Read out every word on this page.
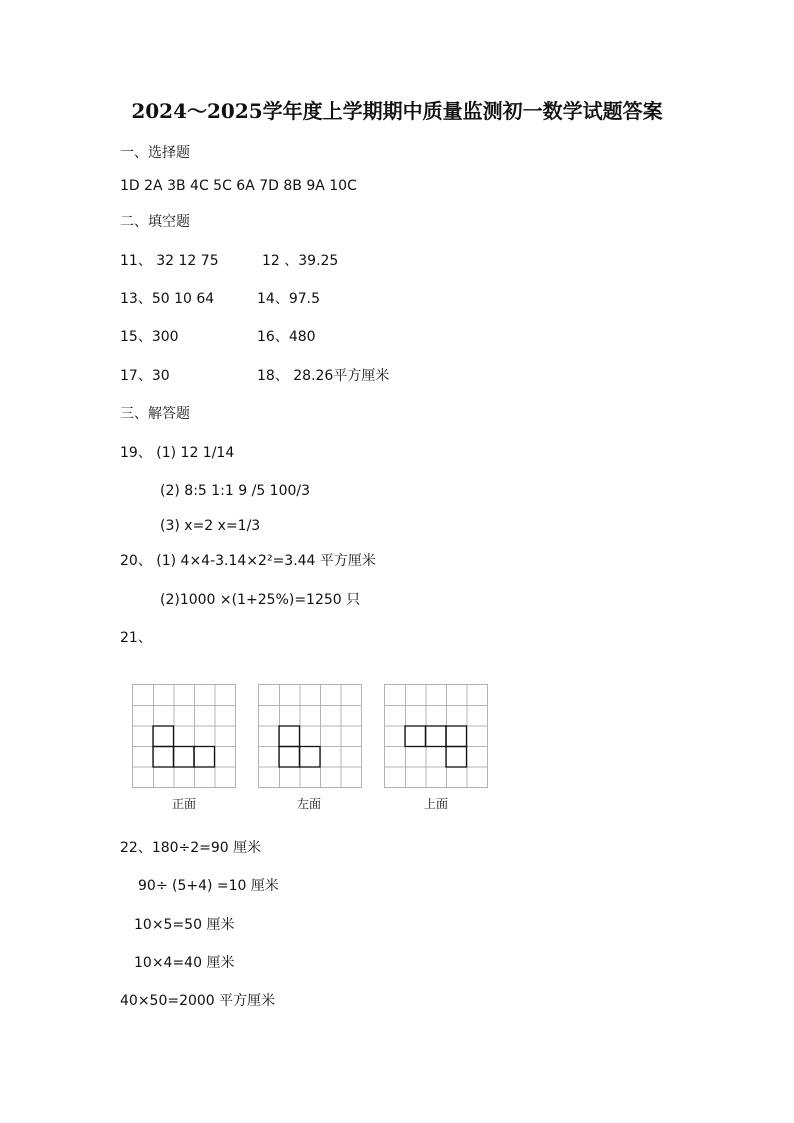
2024～2025学年度上学期期中质量监测初一数学试题答案
一、选择题
1D 2A 3B 4C 5C 6A 7D 8B 9A 10C
二、填空题
11、 32 12 75	12 、39.25
13、50 10 64	14、97.5
15、300	16、480
17、30	18、 28.26平方厘米
三、解答题
19、 (1) 12 1/14
(2) 8:5 1:1 9 /5 100/3
(3) x=2 x=1/3
20、 (1) 4×4-3.14×2²=3.44 平方厘米
(2)1000 ×(1+25%)=1250 只
21、
正面	左面	上面
22、180÷2=90 厘米
90÷ (5+4) =10 厘米
10×5=50 厘米
10×4=40 厘米
40×50=2000 平方厘米
